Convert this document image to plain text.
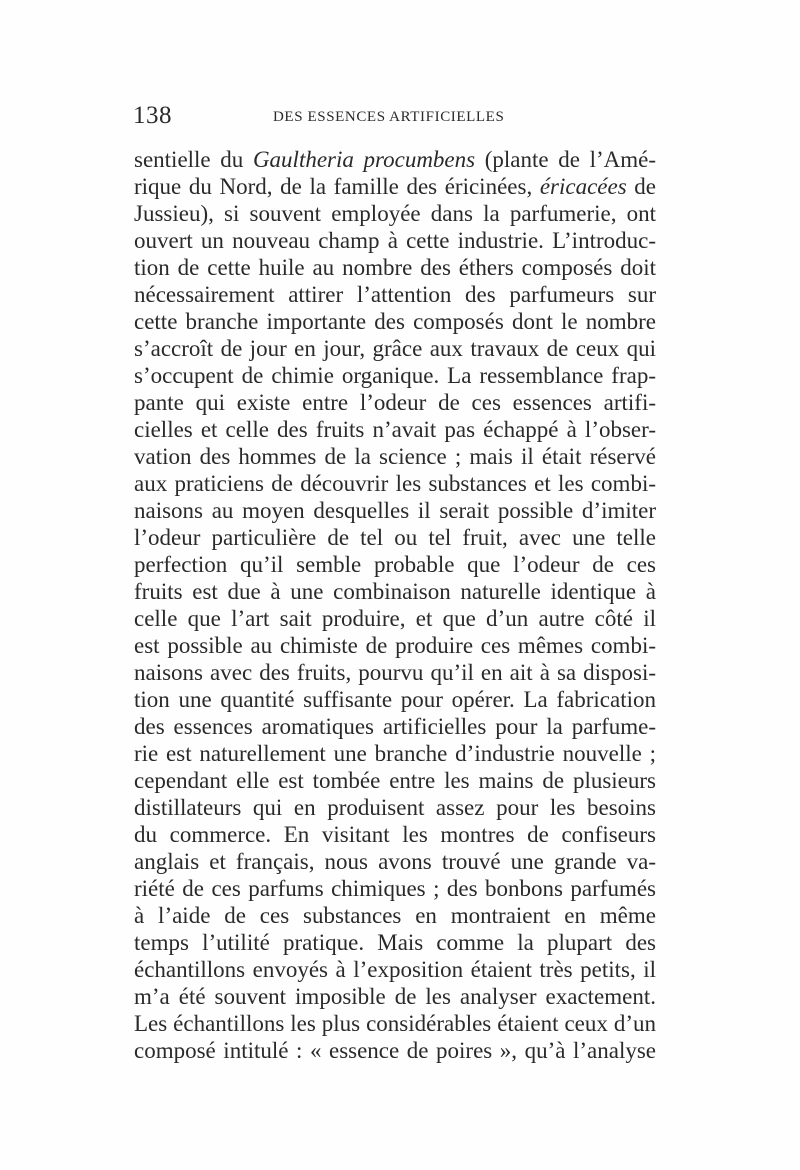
138	DES ESSENCES ARTIFICIELLES
sentielle du Gaultheria procumbens (plante de l’Amé-
rique du Nord, de la famille des éricinées, éricacées de
Jussieu), si souvent employée dans la parfumerie, ont
ouvert un nouveau champ à cette industrie. L’introduc-
tion de cette huile au nombre des éthers composés doit
nécessairement attirer l’attention des parfumeurs sur
cette branche importante des composés dont le nombre
s’accroît de jour en jour, grâce aux travaux de ceux qui
s’occupent de chimie organique. La ressemblance frap-
pante qui existe entre l’odeur de ces essences artifi-
cielles et celle des fruits n’avait pas échappé à l’obser-
vation des hommes de la science ; mais il était réservé
aux praticiens de découvrir les substances et les combi-
naisons au moyen desquelles il serait possible d’imiter
l’odeur particulière de tel ou tel fruit, avec une telle
perfection qu’il semble probable que l’odeur de ces
fruits est due à une combinaison naturelle identique à
celle que l’art sait produire, et que d’un autre côté il
est possible au chimiste de produire ces mêmes combi-
naisons avec des fruits, pourvu qu’il en ait à sa disposi-
tion une quantité suffisante pour opérer. La fabrication
des essences aromatiques artificielles pour la parfume-
rie est naturellement une branche d’industrie nouvelle ;
cependant elle est tombée entre les mains de plusieurs
distillateurs qui en produisent assez pour les besoins
du commerce. En visitant les montres de confiseurs
anglais et français, nous avons trouvé une grande va-
riété de ces parfums chimiques ; des bonbons parfumés
à l’aide de ces substances en montraient en même
temps l’utilité pratique. Mais comme la plupart des
échantillons envoyés à l’exposition étaient très petits, il
m’a été souvent imposible de les analyser exactement.
Les échantillons les plus considérables étaient ceux d’un
composé intitulé : « essence de poires », qu’à l’analyse
